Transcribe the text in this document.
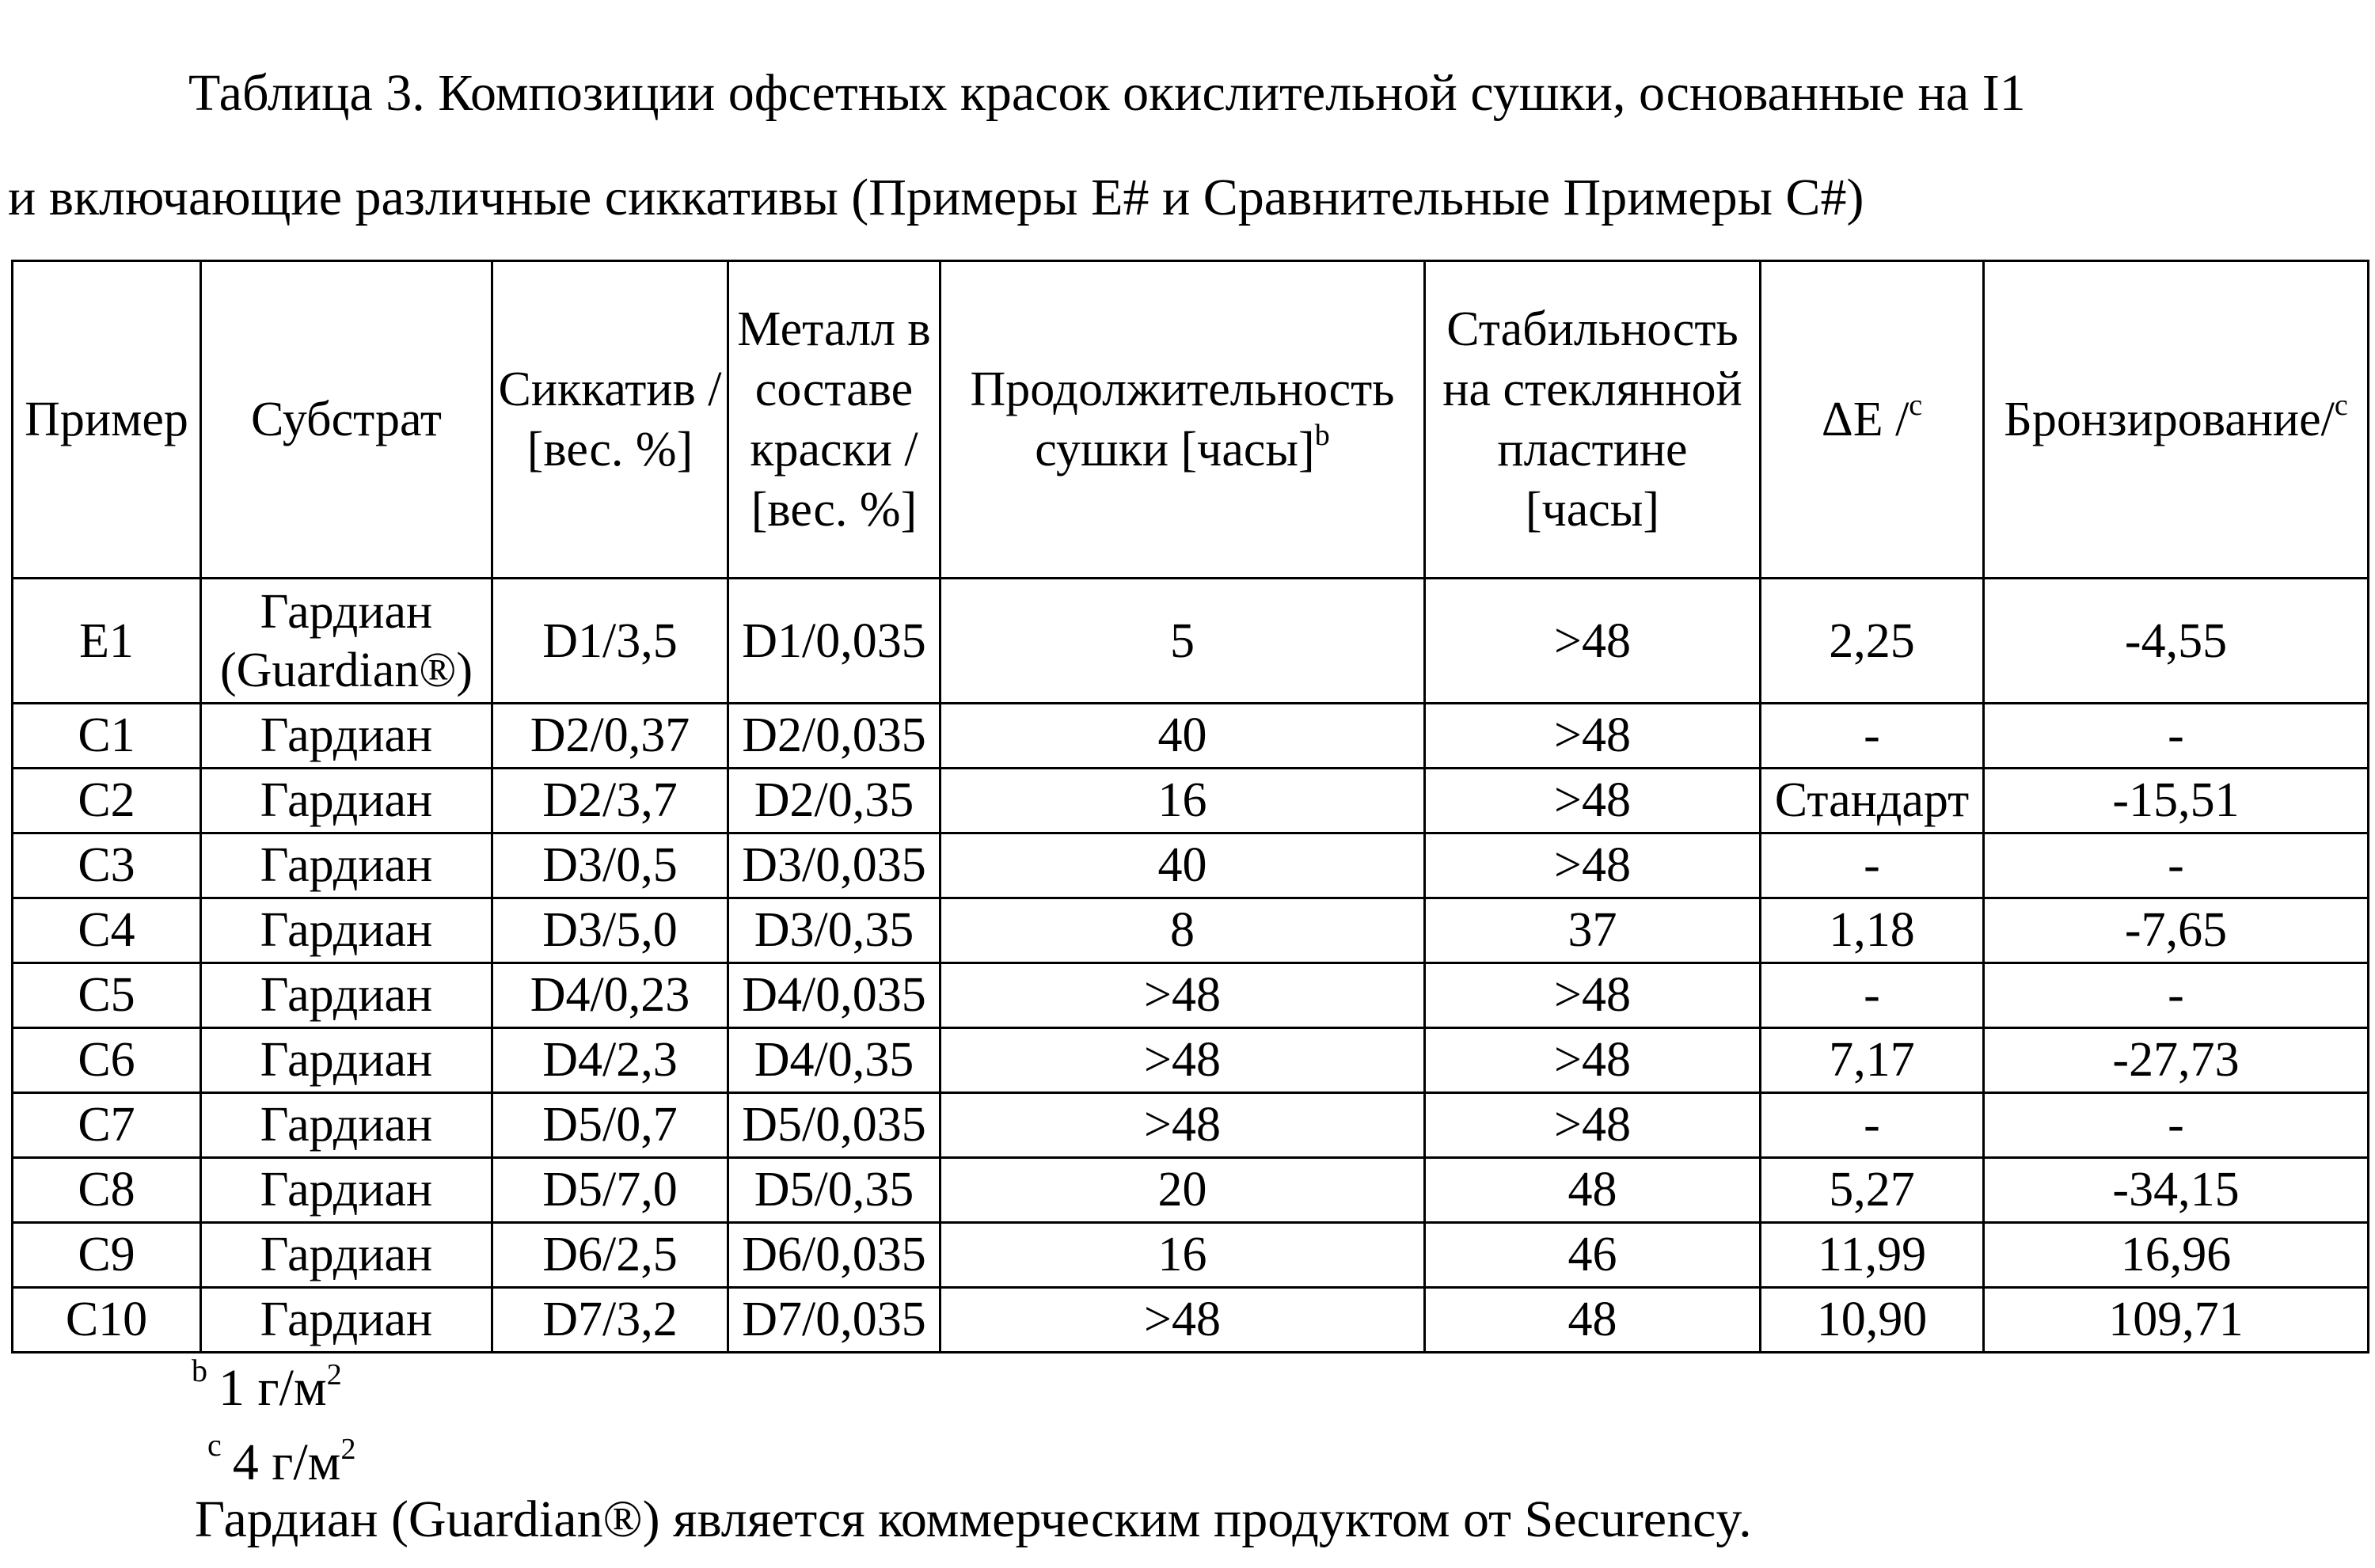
Таблица 3. Композиции офсетных красок окислительной сушки, основанные на I1
и включающие различные сиккативы (Примеры E# и Сравнительные Примеры C#)
Пример	Субстрат	Сиккатив / [вес. %]	Металл в составе краски / [вес. %]	Продолжительность сушки [часы]$^b$	Стабильность на стеклянной пластине [часы]	ΔE /$^c$	Бронзирование/$^c$
E1	Гардиан (Guardian®)	D1/3,5	D1/0,035	5	>48	2,25	-4,55
C1	Гардиан	D2/0,37	D2/0,035	40	>48	-	-
C2	Гардиан	D2/3,7	D2/0,35	16	>48	Стандарт	-15,51
C3	Гардиан	D3/0,5	D3/0,035	40	>48	-	-
C4	Гардиан	D3/5,0	D3/0,35	8	37	1,18	-7,65
C5	Гардиан	D4/0,23	D4/0,035	>48	>48	-	-
C6	Гардиан	D4/2,3	D4/0,35	>48	>48	7,17	-27,73
C7	Гардиан	D5/0,7	D5/0,035	>48	>48	-	-
C8	Гардиан	D5/7,0	D5/0,35	20	48	5,27	-34,15
C9	Гардиан	D6/2,5	D6/0,035	16	46	11,99	16,96
C10	Гардиан	D7/3,2	D7/0,035	>48	48	10,90	109,71
$^b$ 1 $г/м^2$
$^c$ 4 $г/м^2$
Гардиан (Guardian®) является коммерческим продуктом от Securency.
